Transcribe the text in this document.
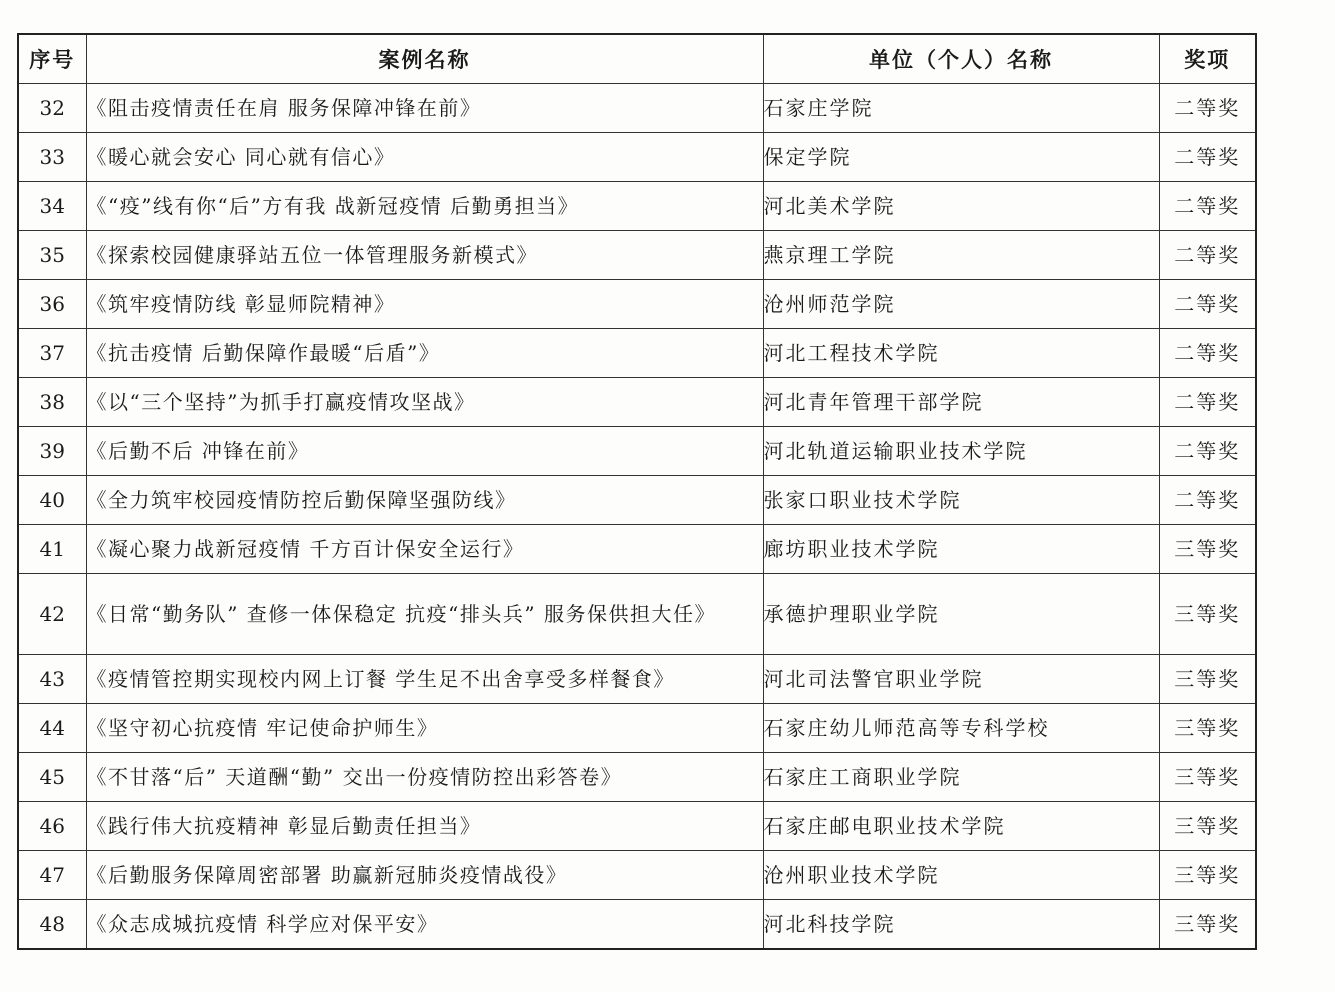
序号	案例名称	单位（个人）名称	奖项
32	《阻击疫情责任在肩 服务保障冲锋在前》	石家庄学院	二等奖
33	《暖心就会安心 同心就有信心》	保定学院	二等奖
34	《“疫”线有你“后”方有我 战新冠疫情 后勤勇担当》	河北美术学院	二等奖
35	《探索校园健康驿站五位一体管理服务新模式》	燕京理工学院	二等奖
36	《筑牢疫情防线 彰显师院精神》	沧州师范学院	二等奖
37	《抗击疫情 后勤保障作最暖“后盾”》	河北工程技术学院	二等奖
38	《以“三个坚持”为抓手打赢疫情攻坚战》	河北青年管理干部学院	二等奖
39	《后勤不后 冲锋在前》	河北轨道运输职业技术学院	二等奖
40	《全力筑牢校园疫情防控后勤保障坚强防线》	张家口职业技术学院	二等奖
41	《凝心聚力战新冠疫情 千方百计保安全运行》	廊坊职业技术学院	三等奖
42	《日常“勤务队” 查修一体保稳定 抗疫“排头兵” 服务保供担大任》	承德护理职业学院	三等奖
43	《疫情管控期实现校内网上订餐 学生足不出舍享受多样餐食》	河北司法警官职业学院	三等奖
44	《坚守初心抗疫情 牢记使命护师生》	石家庄幼儿师范高等专科学校	三等奖
45	《不甘落“后” 天道酬“勤” 交出一份疫情防控出彩答卷》	石家庄工商职业学院	三等奖
46	《践行伟大抗疫精神 彰显后勤责任担当》	石家庄邮电职业技术学院	三等奖
47	《后勤服务保障周密部署 助赢新冠肺炎疫情战役》	沧州职业技术学院	三等奖
48	《众志成城抗疫情 科学应对保平安》	河北科技学院	三等奖
